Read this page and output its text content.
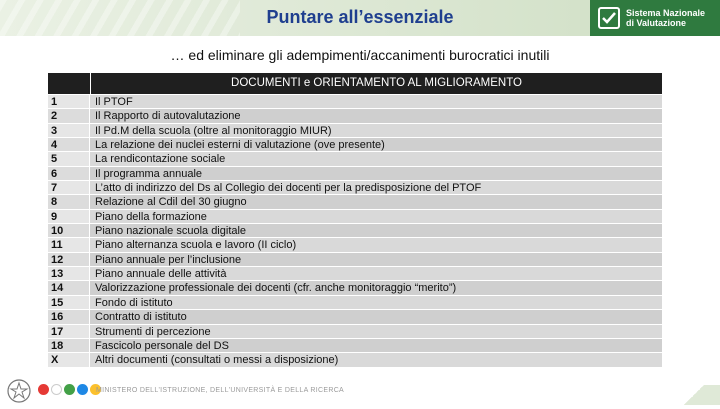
Puntare all’essenziale	Sistema Nazionale
di Valutazione
… ed eliminare gli adempimenti/accanimenti burocratici inutili
DOCUMENTI e ORIENTAMENTO AL MIGLIORAMENTO
1	Il PTOF
2	Il Rapporto di autovalutazione
3	Il Pd.M della scuola (oltre al monitoraggio MIUR)
4	La relazione dei nuclei esterni di valutazione (ove presente)
5	La rendicontazione sociale
6	Il programma annuale
7	L’atto di indirizzo del Ds al Collegio dei docenti per la predisposizione del PTOF
8	Relazione al Cdil del 30 giugno
9	Piano della formazione
10	Piano nazionale scuola digitale
11	Piano alternanza scuola e lavoro (II ciclo)
12	Piano annuale per l’inclusione
13	Piano annuale delle attività
14	Valorizzazione professionale dei docenti (cfr. anche monitoraggio “merito”)
15	Fondo di istituto
16	Contratto di istituto
17	Strumenti di percezione
18	Fascicolo personale del DS
X	Altri documenti (consultati o messi a disposizione)
MINISTERO DELL'ISTRUZIONE, DELL'UNIVERSITÀ E DELLA RICERCA
